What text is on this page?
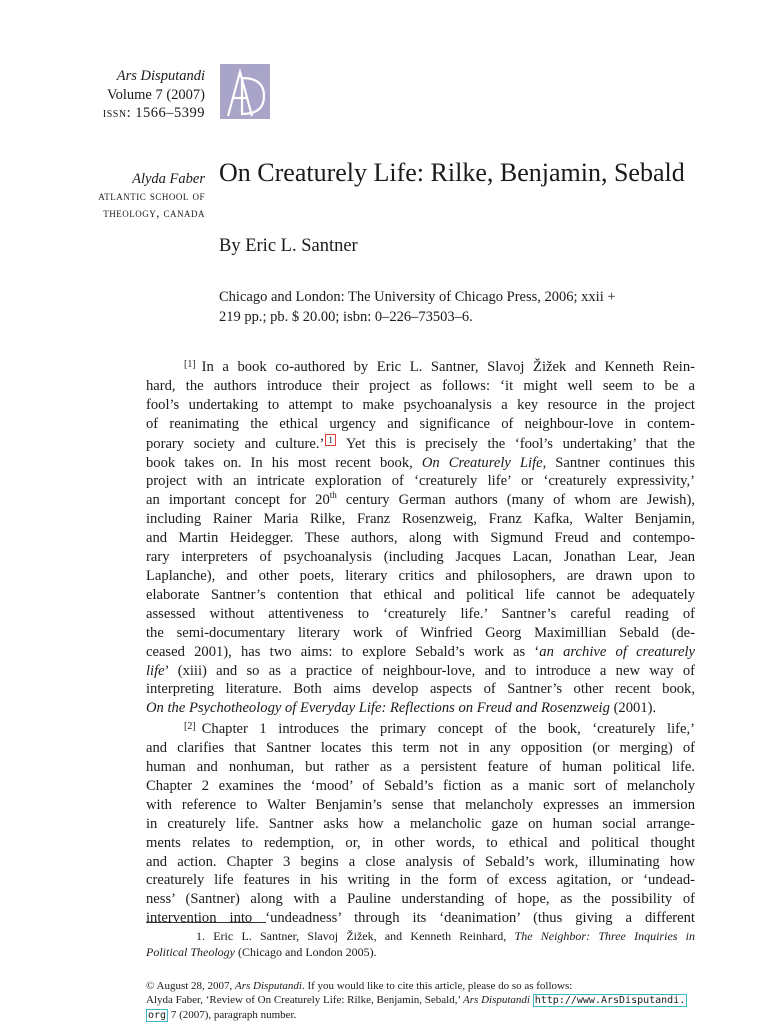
Ars Disputandi
Volume 7 (2007)
issn: 1566–5399
Alyda Faber
atlantic school of
theology, canada
On Creaturely Life: Rilke, Benjamin, Sebald
By Eric L. Santner
Chicago and London: The University of Chicago Press, 2006; xxii +
219 pp.; pb. $ 20.00; isbn: 0–226–73503–6.
[1] In a book co-authored by Eric L. Santner, Slavoj Žižek and Kenneth Rein-
hard, the authors introduce their project as follows: ‘it might well seem to be a
fool’s undertaking to attempt to make psychoanalysis a key resource in the project
of reanimating the ethical urgency and significance of neighbour-love in contem-
porary society and culture.’ 1 Yet this is precisely the ‘fool’s undertaking’ that the
book takes on. In his most recent book, On Creaturely Life, Santner continues this
project with an intricate exploration of ‘creaturely life’ or ‘creaturely expressivity,’
an important concept for 20th century German authors (many of whom are Jewish),
including Rainer Maria Rilke, Franz Rosenzweig, Franz Kafka, Walter Benjamin,
and Martin Heidegger. These authors, along with Sigmund Freud and contempo-
rary interpreters of psychoanalysis (including Jacques Lacan, Jonathan Lear, Jean
Laplanche), and other poets, literary critics and philosophers, are drawn upon to
elaborate Santner’s contention that ethical and political life cannot be adequately
assessed without attentiveness to ‘creaturely life.’ Santner’s careful reading of
the semi-documentary literary work of Winfried Georg Maximillian Sebald (de-
ceased 2001), has two aims: to explore Sebald’s work as ‘an archive of creaturely
life’ (xiii) and so as a practice of neighbour-love, and to introduce a new way of
interpreting literature. Both aims develop aspects of Santner’s other recent book,
On the Psychotheology of Everyday Life: Reflections on Freud and Rosenzweig (2001).
[2] Chapter 1 introduces the primary concept of the book, ‘creaturely life,’
and clarifies that Santner locates this term not in any opposition (or merging) of
human and nonhuman, but rather as a persistent feature of human political life.
Chapter 2 examines the ‘mood’ of Sebald’s fiction as a manic sort of melancholy
with reference to Walter Benjamin’s sense that melancholy expresses an immersion
in creaturely life. Santner asks how a melancholic gaze on human social arrange-
ments relates to redemption, or, in other words, to ethical and political thought
and action. Chapter 3 begins a close analysis of Sebald’s work, illuminating how
creaturely life features in his writing in the form of excess agitation, or ‘undead-
ness’ (Santner) along with a Pauline understanding of hope, as the possibility of
intervention into ‘undeadness’ through its ‘deanimation’ (thus giving a different
1. Eric L. Santner, Slavoj Žižek, and Kenneth Reinhard, The Neighbor: Three Inquiries in
Political Theology (Chicago and London 2005).
© August 28, 2007, Ars Disputandi. If you would like to cite this article, please do so as follows:
Alyda Faber, ‘Review of On Creaturely Life: Rilke, Benjamin, Sebald,’ Ars Disputandi http://www.ArsDisputandi.
org 7 (2007), paragraph number.
